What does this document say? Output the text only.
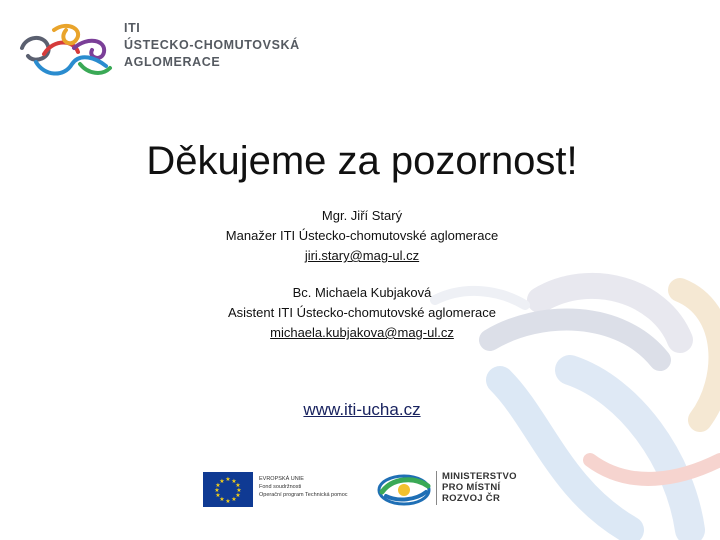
ITI
ÚSTECKO-CHOMUTOVSKÁ
AGLOMERACE
Děkujeme za pozornost!
Mgr. Jiří Starý
Manažer ITI Ústecko-chomutovské aglomerace
jiri.stary@mag-ul.cz
Bc. Michaela Kubjaková
Asistent ITI Ústecko-chomutovské aglomerace
michaela.kubjakova@mag-ul.cz
www.iti-ucha.cz
★ ★
★
★
★
★
★
★
★
★
★
★	EVROPSKÁ UNIE
Fond soudržnosti
Operační program Technická pomoc
MINISTERSTVO
PRO MÍSTNÍ
ROZVOJ ČR
